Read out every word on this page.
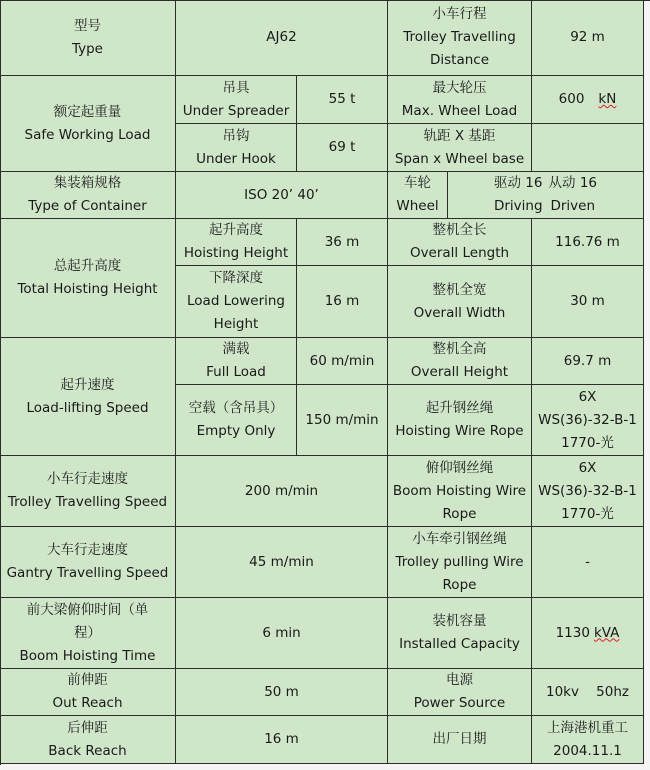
型号
Type
AJ62
小车行程
Trolley Travelling
Distance
92 m
额定起重量
Safe Working Load
吊具
Under Spreader
55 t
最大轮压
Max. Wheel Load
600 kN
吊钩
Under Hook
69 t
轨距 X 基距
Span x Wheel base
集装箱规格
Type of Container
ISO 20’ 40’
车轮
Wheel
驱动 16
Driving
从动 16
Driven
总起升高度
Total Hoisting Height
起升高度
Hoisting Height
36 m
整机全长
Overall Length
116.76 m
下降深度
Load Lowering
Height
16 m
整机全宽
Overall Width
30 m
起升速度
Load-lifting Speed
满载
Full Load
60 m/min
整机全高
Overall Height
69.7 m
空载（含吊具）
Empty Only
150 m/min
起升钢丝绳
Hoisting Wire Rope
6X
WS(36)-32-B-1
1770-光
小车行走速度
Trolley Travelling Speed
200 m/min
俯仰钢丝绳
Boom Hoisting Wire
Rope
6X
WS(36)-32-B-1
1770-光
大车行走速度
Gantry Travelling Speed
45 m/min
小车牵引钢丝绳
Trolley pulling Wire
Rope
-
前大梁俯仰时间（单
程）
Boom Hoisting Time
6 min
装机容量
Installed Capacity
1130 kVA
前伸距
Out Reach
50 m
电源
Power Source
10kv    50hz
后伸距
Back Reach
16 m	出厂日期
上海港机重工
2004.11.1
